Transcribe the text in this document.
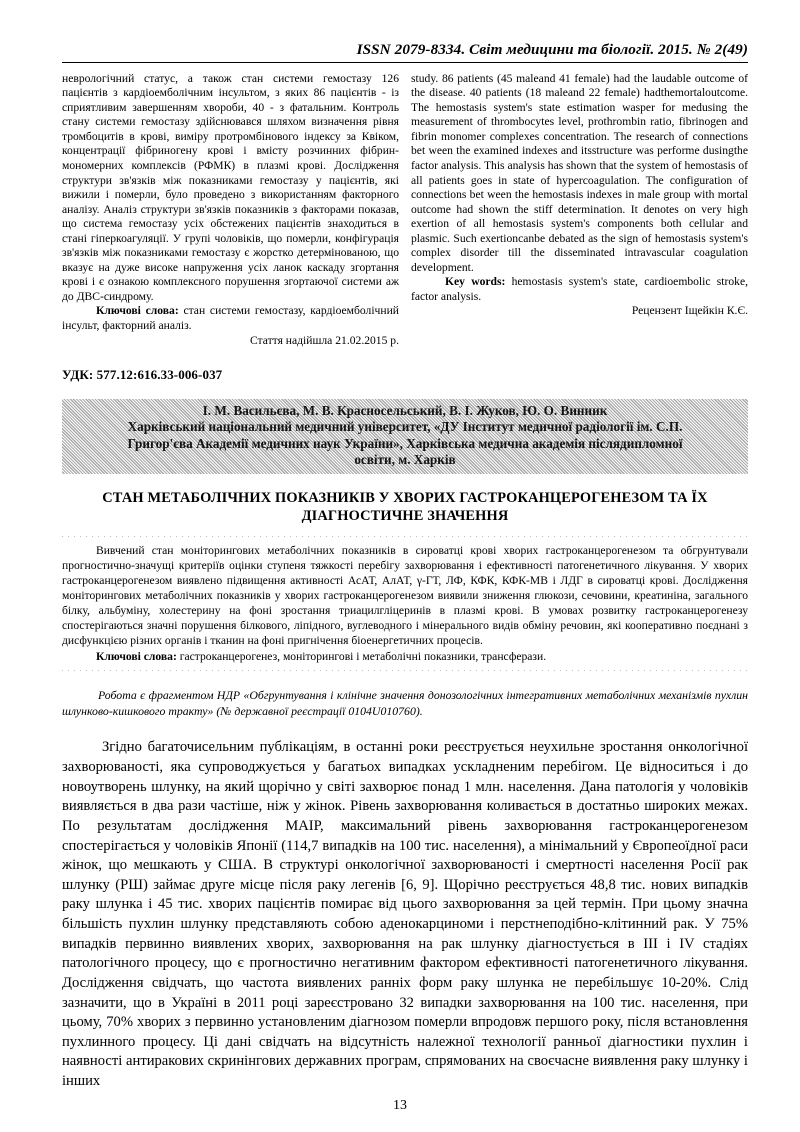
ISSN 2079-8334. Світ медицини та біології. 2015. № 2(49)

неврологічний статус, а також стан системи гемостазу 126 пацієнтів з кардіоемболічним інсультом, з яких 86 пацієнтів - із сприятливим завершенням хвороби, 40 - з фатальним. Контроль стану системи гемостазу здійснювався шляхом визначення рівня тромбоцитів в крові, виміру протромбінового індексу за Квіком, концентрації фібриногену крові і вмісту розчинних фібрин-мономерних комплексів (РФМК) в плазмі крові. Дослідження структури зв'язків між показниками гемостазу у пацієнтів, які вижили і померли, було проведено з використанням факторного аналізу. Аналіз структури зв'язків показників з факторами показав, що система гемостазу усіх обстежених пацієнтів знаходиться в стані гіперкоагуляції. У групі чоловіків, що померли, конфігурація зв'язків між показниками гемостазу є жорстко детермінованою, що вказує на дуже високе напруження усіх ланок каскаду згортання крові і є ознакою комплексного порушення згортаючої системи аж до ДВС-синдрому.

Ключові слова: стан системи гемостазу, кардіоемболічний інсульт, факторний аналіз.

Стаття надійшла 21.02.2015 р.

study. 86 patients (45 maleand 41 female) had the laudable outcome of the disease. 40 patients (18 maleand 22 female) hadthemortaloutcome. The hemostasis system's state estimation wasper for medusing the measurement of thrombocytes level, prothrombin ratio, fibrinogen and fibrin monomer complexes concentration. The research of connections bet ween the examined indexes and itsstructure was performe dusingthe factor analysis. This analysis has shown that the system of hemostasis of all patients goes in state of hypercoagulation. The configuration of connections bet ween the hemostasis indexes in male group with mortal outcome had shown the stiff determination. It denotes on very high exertion of all hemostasis system's components both cellular and plasmic. Such exertioncanbe debated as the sign of hemostasis system's complex disorder till the disseminated intravascular coagulation development.

Key words: hemostasis system's state, cardioembolic stroke, factor analysis.

Рецензент Іщейкін К.Є.

УДК: 577.12:616.33-006-037
І. М. Васильєва, М. В. Красносельський, В. І. Жуков, Ю. О. Винник
Харківський національний медичний університет, «ДУ Інститут медичної радіології ім. С.П.
Григор'єва Академії медичних наук України», Харківська медична академія післядипломної
освіти, м. Харків
СТАН МЕТАБОЛІЧНИХ ПОКАЗНИКІВ У ХВОРИХ ГАСТРОКАНЦЕРОГЕНЕЗОМ ТА ЇХ ДІАГНОСТИЧНЕ ЗНАЧЕННЯ

Вивчений стан моніторингових метаболічних показників в сироватці крові хворих гастроканцерогенезом та обгрунтували прогностично-значущі критеріїв оцінки ступеня тяжкості перебігу захворювання і ефективності патогенетичного лікування. У хворих гастроканцерогенезом виявлено підвищення активності АсАТ, АлАТ, γ-ГТ, ЛФ, КФК, КФК-МВ і ЛДГ в сироватці крові. Дослідження моніторингових метаболічних показників у хворих гастроканцерогенезом виявили зниження глюкози, сечовини, креатиніна, загального білку, альбуміну, холестерину на фоні зростання триацилгліцеринів в плазмі крові. В умовах розвитку гастроканцерогенезу спостерігаються значні порушення білкового, ліпідного, вуглеводного і мінерального видів обміну речовин, які кооперативно поєднані з дисфункцією різних органів і тканин на фоні пригнічення біоенергетичних процесів.

Ключові слова: гастроканцерогенез, моніторингові і метаболічні показники, трансферази.

Робота є фрагментом НДР «Обгрунтування і клінічне значення донозологічних інтегративних метаболічних механізмів пухлин шлунково-кишкового тракту» (№ державної реєстрації 0104U010760).

Згідно багаточисельним публікаціям, в останні роки реєструється неухильне зростання онкологічної захворюваності, яка супроводжується у багатьох випадках ускладненим перебігом. Це відноситься і до новоутворень шлунку, на який щорічно у світі захворює понад 1 млн. населення. Дана патологія у чоловіків виявляється в два рази частіше, ніж у жінок. Рівень захворювання коливається в достатньо широких межах. По результатам дослідження МАІР, максимальний рівень захворювання гастроканцерогенезом спостерігається у чоловіків Японії (114,7 випадків на 100 тис. населення), а мінімальний у Європеоїдної раси жінок, що мешкають у США. В структурі онкологічної захворюваності і смертності населення Росії рак шлунку (РШ) займає друге місце після раку легенів [6, 9]. Щорічно реєструється 48,8 тис. нових випадків раку шлунка і 45 тис. хворих пацієнтів помирає від цього захворювання за цей термін. При цьому значна більшість пухлин шлунку представляють собою аденокарциноми і перстнеподібно-клітинний рак. У 75% випадків первинно виявлених хворих, захворювання на рак шлунку діагностується в III і IV стадіях патологічного процесу, що є прогностично негативним фактором ефективності патогенетичного лікування. Дослідження свідчать, що частота виявлених ранніх форм раку шлунка не перебільшує 10-20%. Слід зазначити, що в Україні в 2011 році зареєстровано 32 випадки захворювання на 100 тис. населення, при цьому, 70% хворих з первинно установленим діагнозом померли впродовж першого року, після встановлення пухлинного процесу. Ці дані свідчать на відсутність належної технології ранньої діагностики пухлин і наявності антиракових скринінгових державних програм, спрямованих на своєчасне виявлення раку шлунку і інших

13
